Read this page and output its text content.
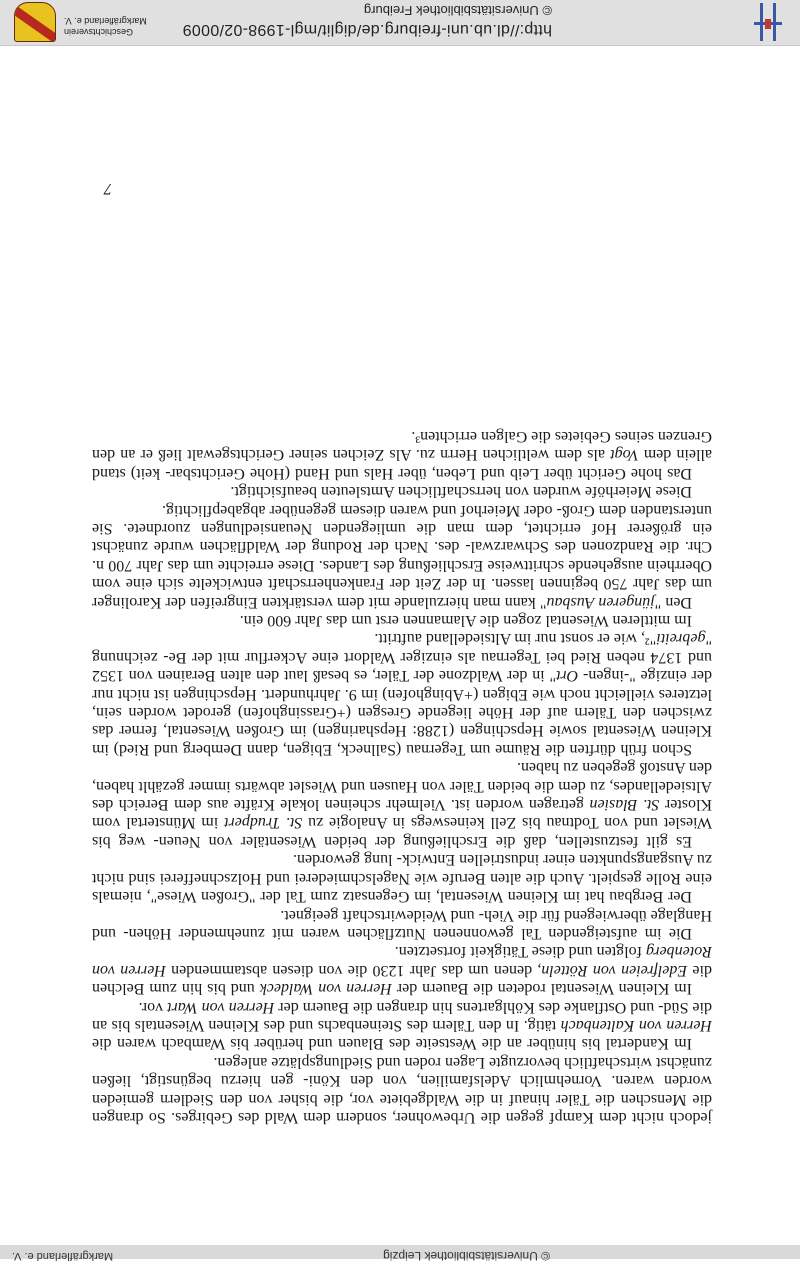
© Universitätsbibliothek Leipzig
Markgräflerland e. V.

jedoch nicht dem Kampf gegen die Urbewohner, sondern dem Wald des Gebirges. So drangen die Menschen die Täler hinauf in die Waldgebiete vor, die bisher von den Siedlern gemieden worden waren. Vornehmlich Adelsfamilien, von den Köni- gen hierzu begünstigt, ließen zunächst wirtschaftlich bevorzugte Lagen roden und Siedlungsplätze anlegen.

Im Kandertal bis hinüber an die Westseite des Blauen und herüber bis Wambach waren die Herren von Kaltenbach tätig. In den Tälern des Steinenbachs und des Kleinen Wiesentals bis an die Süd- und Ostflanke des Köhlgartens hin drangen die Bauern der Herren von Wart vor.

Im Kleinen Wiesental rodeten die Bauern der Herren von Waldeck und bis hin zum Belchen die Edelfreien von Rötteln, denen um das Jahr 1230 die von diesen abstammenden Herren von Rotenberg folgten und diese Tätigkeit fortsetzten.

Die im aufsteigenden Tal gewonnenen Nutzflächen waren mit zunehmender Höhen- und Hanglage überwiegend für die Vieh- und Weidewirtschaft geeignet.

Der Bergbau hat im Kleinen Wiesental, im Gegensatz zum Tal der "Großen Wiese", niemals eine Rolle gespielt. Auch die alten Berufe wie Nagelschmiederei und Holzschnefferei sind nicht zu Ausgangspunkten einer industriellen Entwick- lung geworden.

Es gilt festzustellen, daß die Erschließung der beiden Wiesentäler von Neuen- weg bis Wieslet und von Todtnau bis Zell keineswegs in Analogie zu St. Trudpert im Münstertal vom Kloster St. Blasien getragen worden ist. Vielmehr scheinen lokale Kräfte aus dem Bereich des Altsiedellandes, zu dem die beiden Täler von Hausen und Wieslet abwärts immer gezählt haben, den Anstoß gegeben zu haben.

Schon früh dürften die Räume um Tegernau (Sallneck, Ebigen, dann Demberg und Ried) im Kleinen Wiesental sowie Hepschingen (1288: Hepsharingen) im Großen Wiesental, ferner das zwischen den Tälern auf der Höhe liegende Gresgen (+Grassinghofen) gerodet worden sein, letzteres vielleicht noch wie Ebigen (+Abinghofen) im 9. Jahrhundert. Hepschingen ist nicht nur der einzige "-ingen- Ort" in der Waldzone der Täler, es besaß laut den alten Berainen von 1352 und 1374 neben Ried bei Tegernau als einziger Waldort eine Ackerflur mit der Be- zeichnung "gebreiti"², wie er sonst nur im Altsiedelland auftritt.

Im mittleren Wiesental zogen die Alamannen erst um das Jahr 600 ein.

Den "jüngeren Ausbau" kann man hierzulande mit dem verstärkten Eingreifen der Karolinger um das Jahr 750 beginnen lassen. In der Zeit der Frankenherrschaft entwickelte sich eine vom Oberrhein ausgehende schrittweise Erschließung des Landes. Diese erreichte um das Jahr 700 n. Chr. die Randzonen des Schwarzwal- des. Nach der Rodung der Waldflächen wurde zunächst ein größerer Hof errichtet, dem man die umliegenden Neuansiedlungen zuordnete. Sie unterstanden dem Groß- oder Meierhof und waren diesem gegenüber abgabepflichtig.

Diese Meierhöfe wurden von herrschaftlichen Amtsleuten beaufsichtigt.

Das hohe Gericht über Leib und Leben, über Hals und Hand (Hohe Gerichtsbar- keit) stand allein dem Vogt als dem weltlichen Herrn zu. Als Zeichen seiner Gerichtsgewalt ließ er an den Grenzen seines Gebietes die Galgen errichten³.

7
http://dl.ub.uni-freiburg.de/diglit/mgl-1998-02/0009
© Universitätsbibliothek Freiburg
Geschichtsverein
Markgräflerland e. V.
